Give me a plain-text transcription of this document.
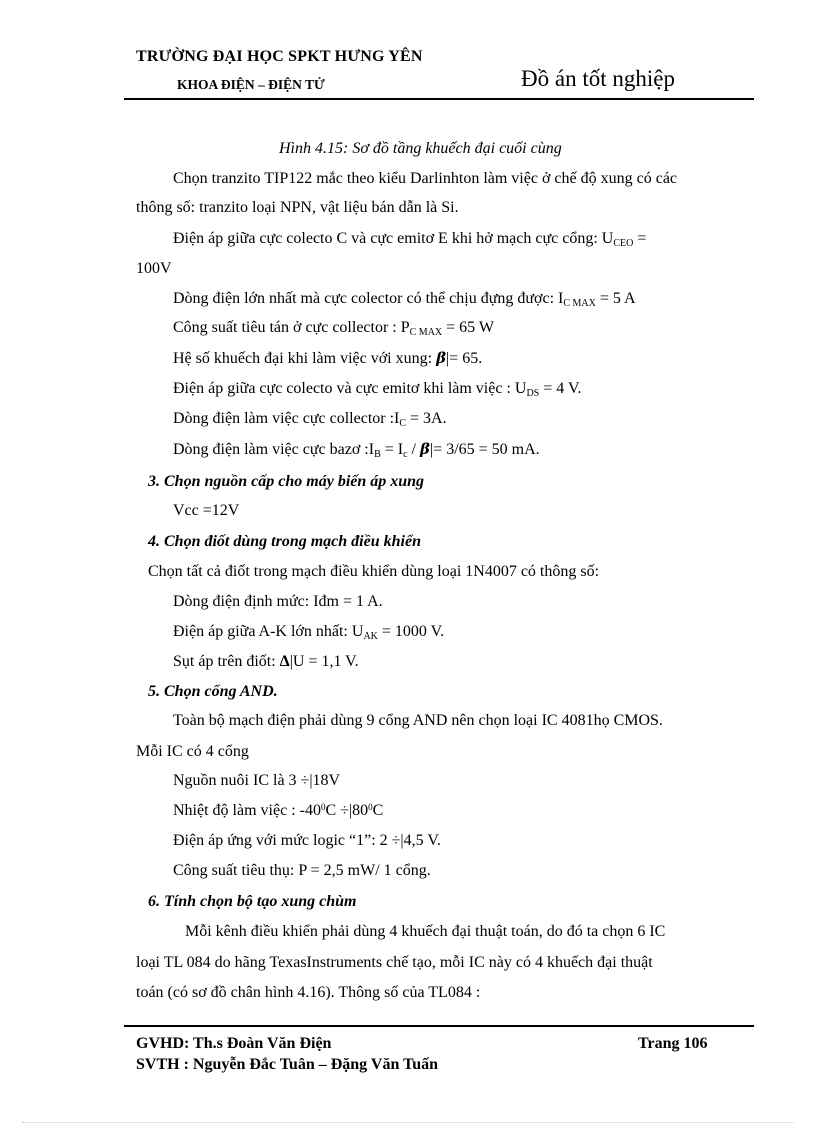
TRƯỜNG ĐẠI HỌC SPKT HƯNG YÊN
KHOA ĐIỆN – ĐIỆN TỬ	Đồ án tốt nghiệp
Hình 4.15: Sơ đồ tầng khuếch đại cuối cùng
Chọn tranzito TIP122 mắc theo kiểu Darlinhton làm việc ở chế độ xung có các
thông số: tranzito loại NPN, vật liệu bán dẫn là Si.
Điện áp giữa cực colecto C và cực emitơ E khi hở mạch cực cổng: $U_{CEO}$ =
100V
Dòng điện lớn nhất mà cực colector có thể chịu đựng được: $I_{C MAX} = 5$ A
Công suất tiêu tán ở cực collector : $P_{C MAX} = 65$ W
Hệ số khuếch đại khi làm việc với xung: β|= 65.
Điện áp giữa cực colecto và cực emitơ khi làm việc : $U_{DS} = 4$ V.
Dòng điện làm việc cực collector $:I_C = 3A$.
Dòng điện làm việc cực bazơ $:I_B = I_c / \beta|= 3/65 = 50$ mA.
3. Chọn nguồn cấp cho máy biến áp xung
Vcc =12V
4. Chọn điốt dùng trong mạch điều khiển
Chọn tất cả điốt trong mạch điều khiển dùng loại 1N4007 có thông số:
Dòng điện định mức: Iđm = 1 A.
Điện áp giữa A-K lớn nhất: $U_{AK} = 1000$ V.
Sụt áp trên điốt: Δ|U = 1,1 V.
5. Chọn cổng AND.
Toàn bộ mạch điện phải dùng 9 cổng AND nên chọn loại IC 4081họ CMOS.
Mỗi IC có 4 cổng
Nguồn nuôi IC là 3 ÷|18V
Nhiệt độ làm việc : $-40^0C \div|80^0C$
Điện áp ứng với mức logic “1”: 2 ÷|4,5 V.
Công suất tiêu thụ: P = 2,5 mW/ 1 cổng.
6. Tính chọn bộ tạo xung chùm
Mỗi kênh điều khiển phải dùng 4 khuếch đại thuật toán, do đó ta chọn 6 IC
loại TL 084 do hãng TexasInstruments chế tạo, mỗi IC này có 4 khuếch đại thuật
toán (có sơ đồ chân hình 4.16). Thông số của TL084 :
GVHD: Th.s Đoàn Văn Điện	Trang 106
SVTH : Nguyễn Đắc Tuân – Đặng Văn Tuấn
